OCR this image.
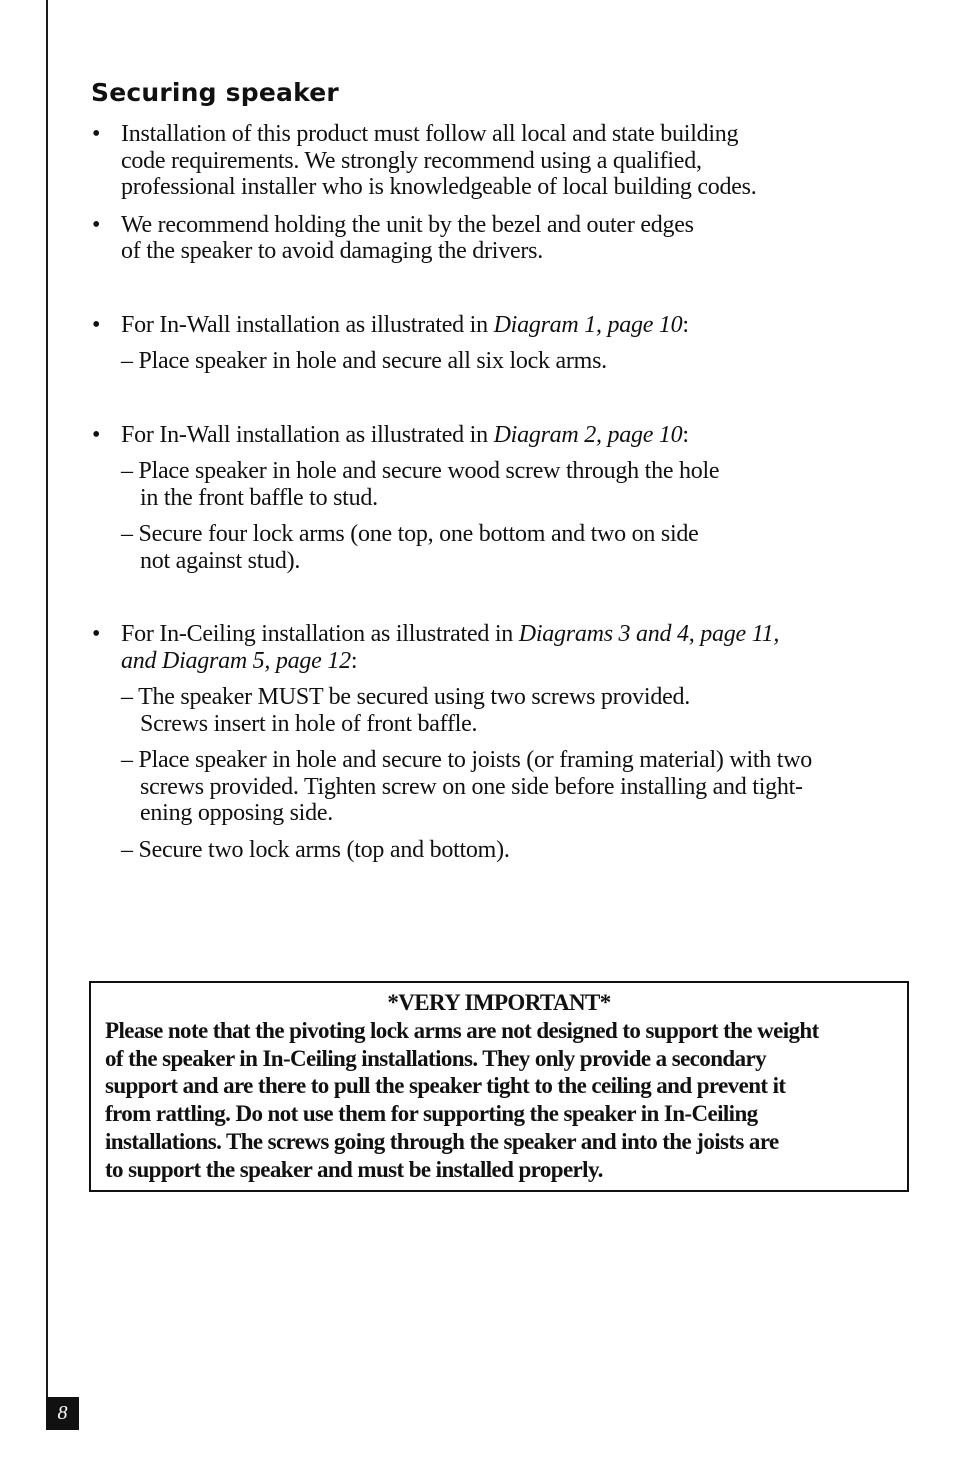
Securing speaker
• Installation of this product must follow all local and state building
code requirements. We strongly recommend using a qualified,
professional installer who is knowledgeable of local building codes.
• We recommend holding the unit by the bezel and outer edges
of the speaker to avoid damaging the drivers.
• For In-Wall installation as illustrated in Diagram 1, page 10:
– Place speaker in hole and secure all six lock arms.
• For In-Wall installation as illustrated in Diagram 2, page 10:
– Place speaker in hole and secure wood screw through the hole
in the front baffle to stud.
– Secure four lock arms (one top, one bottom and two on side
not against stud).
• For In-Ceiling installation as illustrated in Diagrams 3 and 4, page 11,
and Diagram 5, page 12:
– The speaker MUST be secured using two screws provided.
Screws insert in hole of front baffle.
– Place speaker in hole and secure to joists (or framing material) with two
screws provided. Tighten screw on one side before installing and tight-
ening opposing side.
– Secure two lock arms (top and bottom).

*VERY IMPORTANT*

Please note that the pivoting lock arms are not designed to support the weight

of the speaker in In-Ceiling installations. They only provide a secondary

support and are there to pull the speaker tight to the ceiling and prevent it

from rattling. Do not use them for supporting the speaker in In-Ceiling

installations. The screws going through the speaker and into the joists are

to support the speaker and must be installed properly.

8
